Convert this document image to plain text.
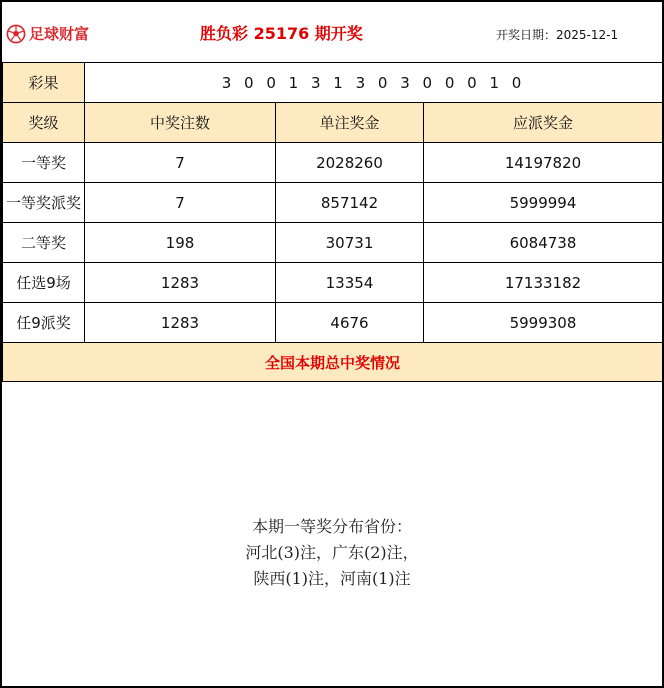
足球财富	胜负彩 25176 期开奖	开奖日期：2025-12-1
彩果	3 0 0 1 3 1 3 0 3 0 0 0 1 0		
奖级	中奖注数	单注奖金	应派奖金
一等奖	7	2028260	14197820
一等奖派奖	7	857142	5999994
二等奖	198	30731	6084738
任选9场	1283	13354	17133182
任9派奖	1283	4676	5999308
全国本期总中奖情况			
本期一等奖分布省份：
河北(3)注，广东(2)注，
陕西(1)注，河南(1)注
